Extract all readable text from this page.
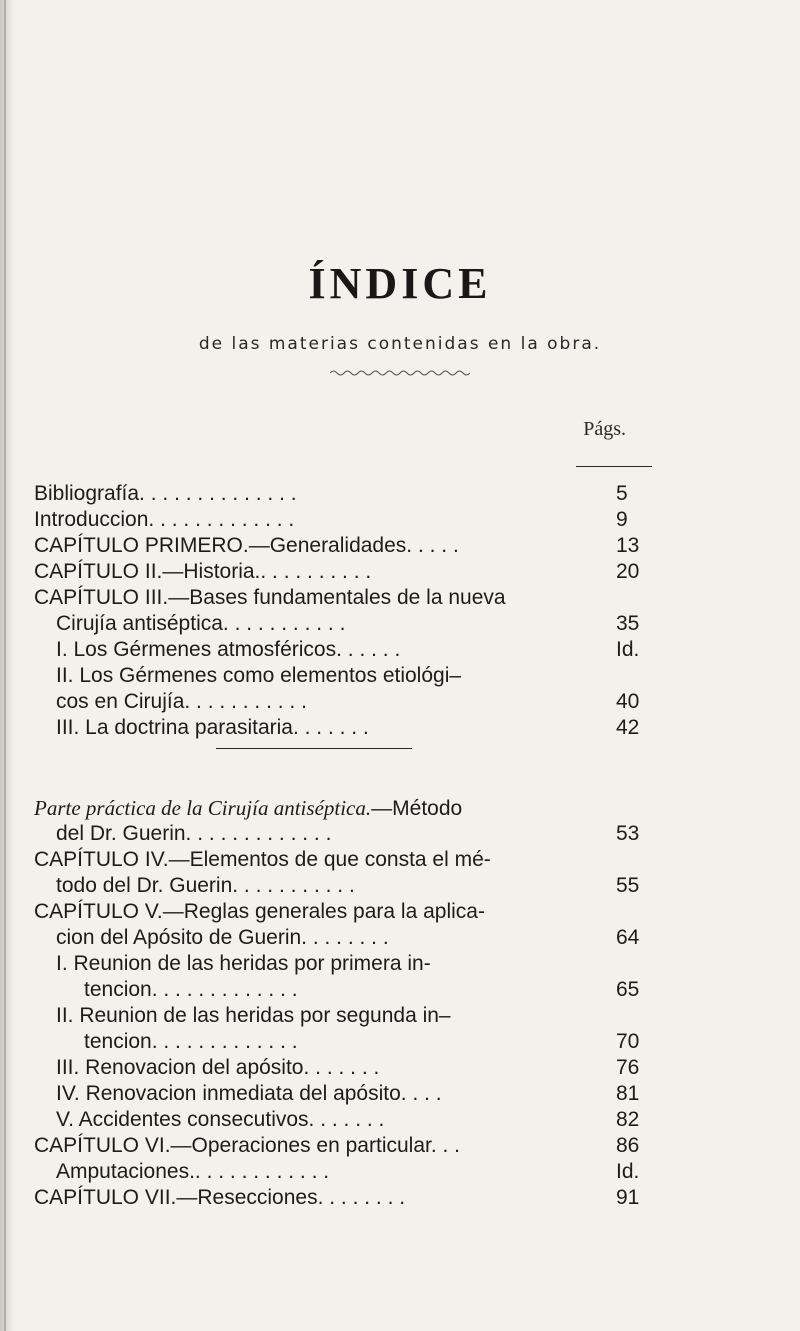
ÍNDICE
de las materias contenidas en la obra.
Págs.
Bibliografía. . . . . . . . . . . . . .	5
Introduccion. . . . . . . . . . . . .	9
CAPÍTULO PRIMERO.—Generalidades. . . . .	13
CAPÍTULO II.—Historia.. . . . . . . . . .	20
CAPÍTULO III.—Bases fundamentales de la nueva
Cirujía antiséptica. . . . . . . . . . .	35
I. Los Gérmenes atmosféricos. . . . . .	Id.
II. Los Gérmenes como elementos etiológi–
cos en Cirujía. . . . . . . . . . .	40
III. La doctrina parasitaria. . . . . . .	42
Parte práctica de la Cirujía antiséptica.—Método
del Dr. Guerin. . . . . . . . . . . . .	53
CAPÍTULO IV.—Elementos de que consta el mé-
todo del Dr. Guerin. . . . . . . . . . .	55
CAPÍTULO V.—Reglas generales para la aplica-
cion del Apósito de Guerin. . . . . . . .	64
I. Reunion de las heridas por primera in-
tencion. . . . . . . . . . . . .	65
II. Reunion de las heridas por segunda in–
tencion. . . . . . . . . . . . .	70
III. Renovacion del apósito. . . . . . .	76
IV. Renovacion inmediata del apósito. . . .	81
V. Accidentes consecutivos. . . . . . .	82
CAPÍTULO VI.—Operaciones en particular. . .	86
Amputaciones.. . . . . . . . . . . .	Id.
CAPÍTULO VII.—Resecciones. . . . . . . .	91
